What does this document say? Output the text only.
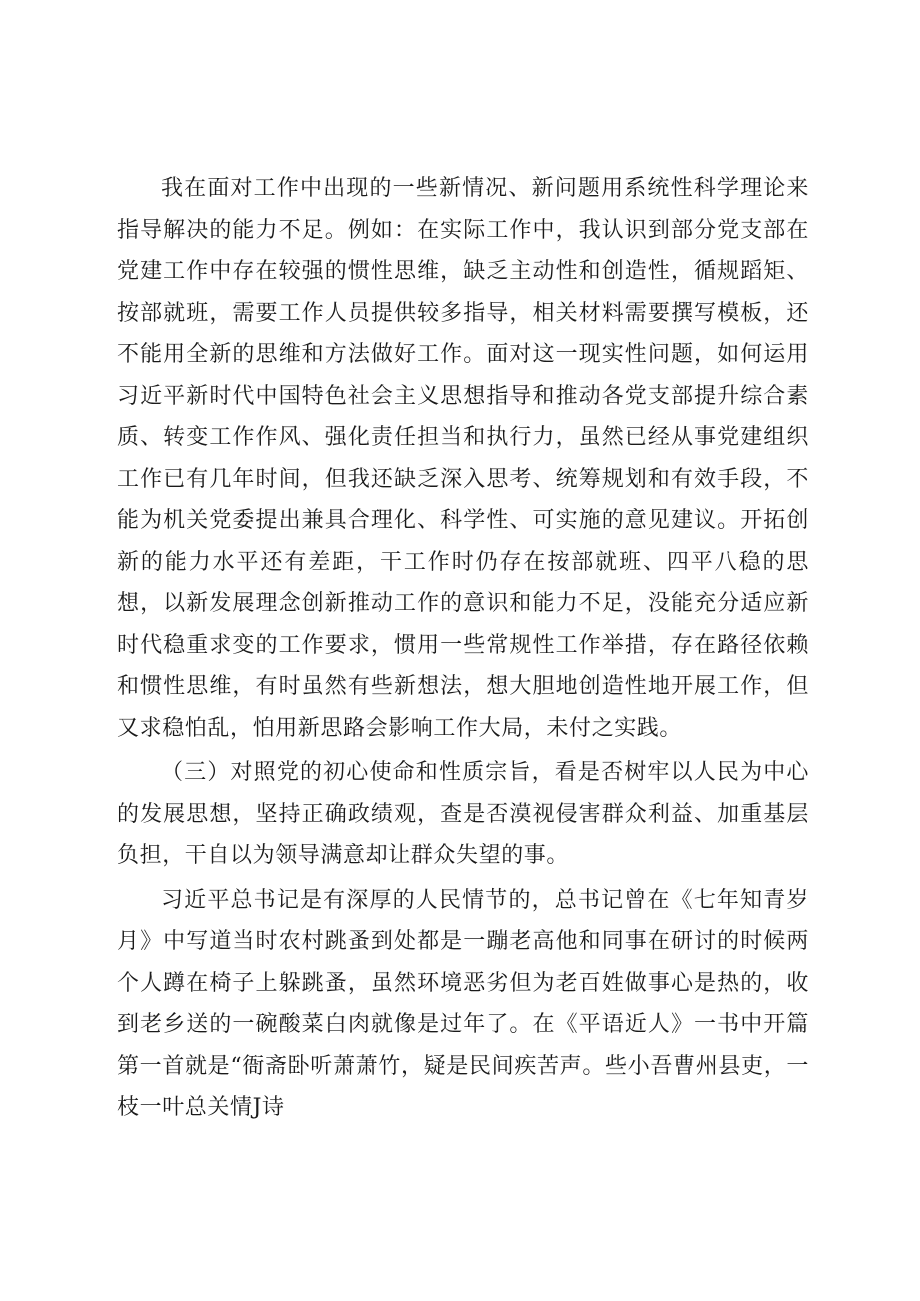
我在面对工作中出现的一些新情况、新问题用系统性科学理论来指导解决的能力不足。例如：在实际工作中，我认识到部分党支部在党建工作中存在较强的惯性思维，缺乏主动性和创造性，循规蹈矩、按部就班，需要工作人员提供较多指导，相关材料需要撰写模板，还不能用全新的思维和方法做好工作。面对这一现实性问题，如何运用习近平新时代中国特色社会主义思想指导和推动各党支部提升综合素质、转变工作作风、强化责任担当和执行力，虽然已经从事党建组织工作已有几年时间，但我还缺乏深入思考、统筹规划和有效手段，不能为机关党委提出兼具合理化、科学性、可实施的意见建议。开拓创新的能力水平还有差距，干工作时仍存在按部就班、四平八稳的思想，以新发展理念创新推动工作的意识和能力不足，没能充分适应新时代稳重求变的工作要求，惯用一些常规性工作举措，存在路径依赖和惯性思维，有时虽然有些新想法，想大胆地创造性地开展工作，但又求稳怕乱，怕用新思路会影响工作大局，未付之实践。

（三）对照党的初心使命和性质宗旨，看是否树牢以人民为中心的发展思想，坚持正确政绩观，查是否漠视侵害群众利益、加重基层负担，干自以为领导满意却让群众失望的事。

习近平总书记是有深厚的人民情节的，总书记曾在《七年知青岁月》中写道当时农村跳蚤到处都是一蹦老高他和同事在研讨的时候两个人蹲在椅子上躲跳蚤，虽然环境恶劣但为老百姓做事心是热的，收到老乡送的一碗酸菜白肉就像是过年了。在《平语近人》一书中开篇第一首就是“衙斋卧听萧萧竹，疑是民间疾苦声。些小吾曹州县吏，一枝一叶总关情J诗
